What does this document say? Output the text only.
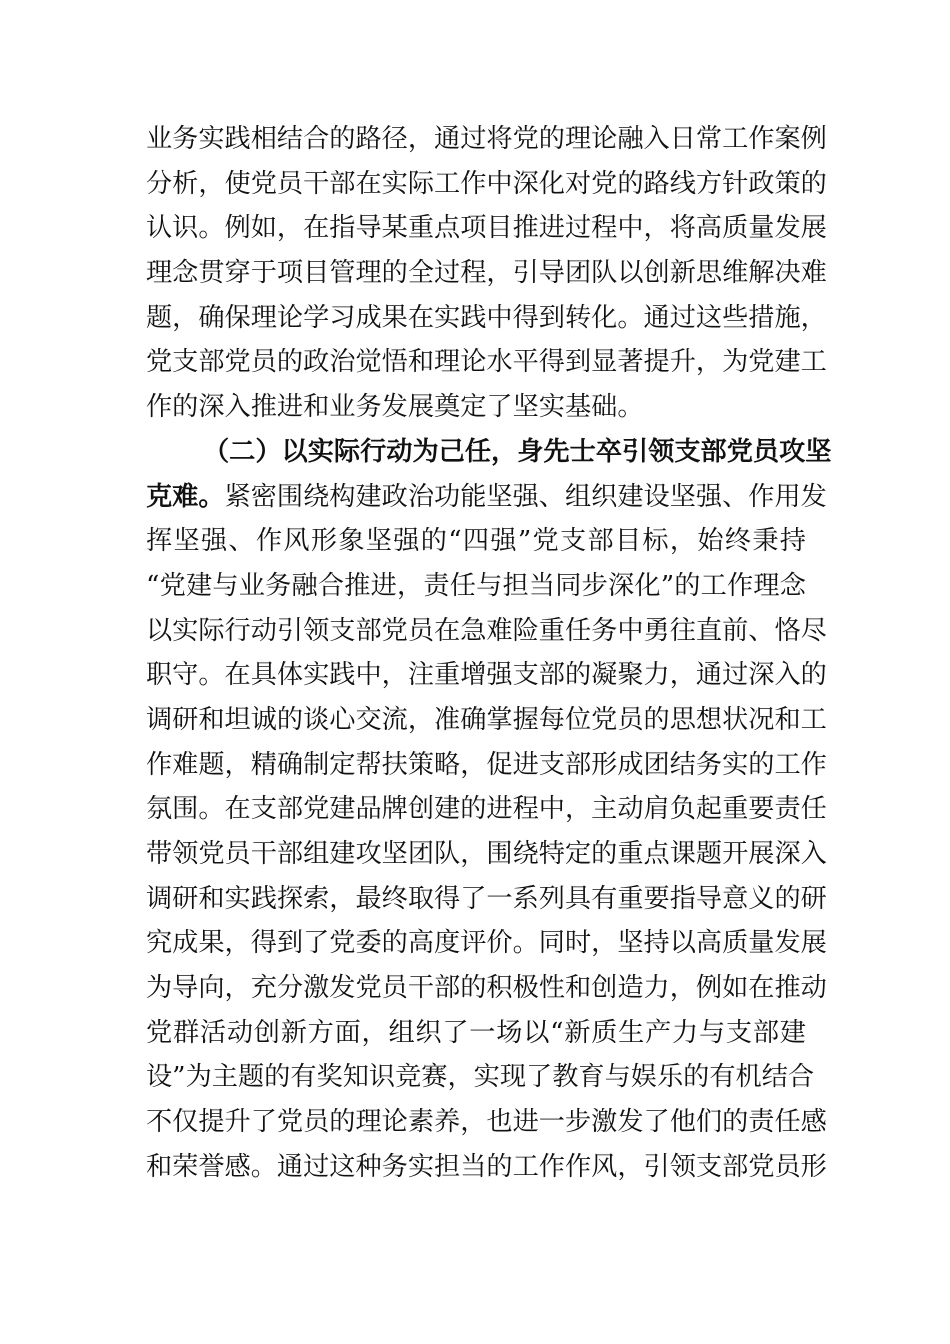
业务实践相结合的路径，通过将党的理论融入日常工作案例
分析，使党员干部在实际工作中深化对党的路线方针政策的
认识。例如，在指导某重点项目推进过程中，将高质量发展
理念贯穿于项目管理的全过程，引导团队以创新思维解决难
题，确保理论学习成果在实践中得到转化。通过这些措施，
党支部党员的政治觉悟和理论水平得到显著提升，为党建工
作的深入推进和业务发展奠定了坚实基础。
（二）以实际行动为己任，身先士卒引领支部党员攻坚
克难。紧密围绕构建政治功能坚强、组织建设坚强、作用发
挥坚强、作风形象坚强的“四强”党支部目标，始终秉持
“党建与业务融合推进，责任与担当同步深化”的工作理念
以实际行动引领支部党员在急难险重任务中勇往直前、恪尽
职守。在具体实践中，注重增强支部的凝聚力，通过深入的
调研和坦诚的谈心交流，准确掌握每位党员的思想状况和工
作难题，精确制定帮扶策略，促进支部形成团结务实的工作
氛围。在支部党建品牌创建的进程中，主动肩负起重要责任
带领党员干部组建攻坚团队，围绕特定的重点课题开展深入
调研和实践探索，最终取得了一系列具有重要指导意义的研
究成果，得到了党委的高度评价。同时，坚持以高质量发展
为导向，充分激发党员干部的积极性和创造力，例如在推动
党群活动创新方面，组织了一场以“新质生产力与支部建
设”为主题的有奖知识竞赛，实现了教育与娱乐的有机结合
不仅提升了党员的理论素养，也进一步激发了他们的责任感
和荣誉感。通过这种务实担当的工作作风，引领支部党员形
